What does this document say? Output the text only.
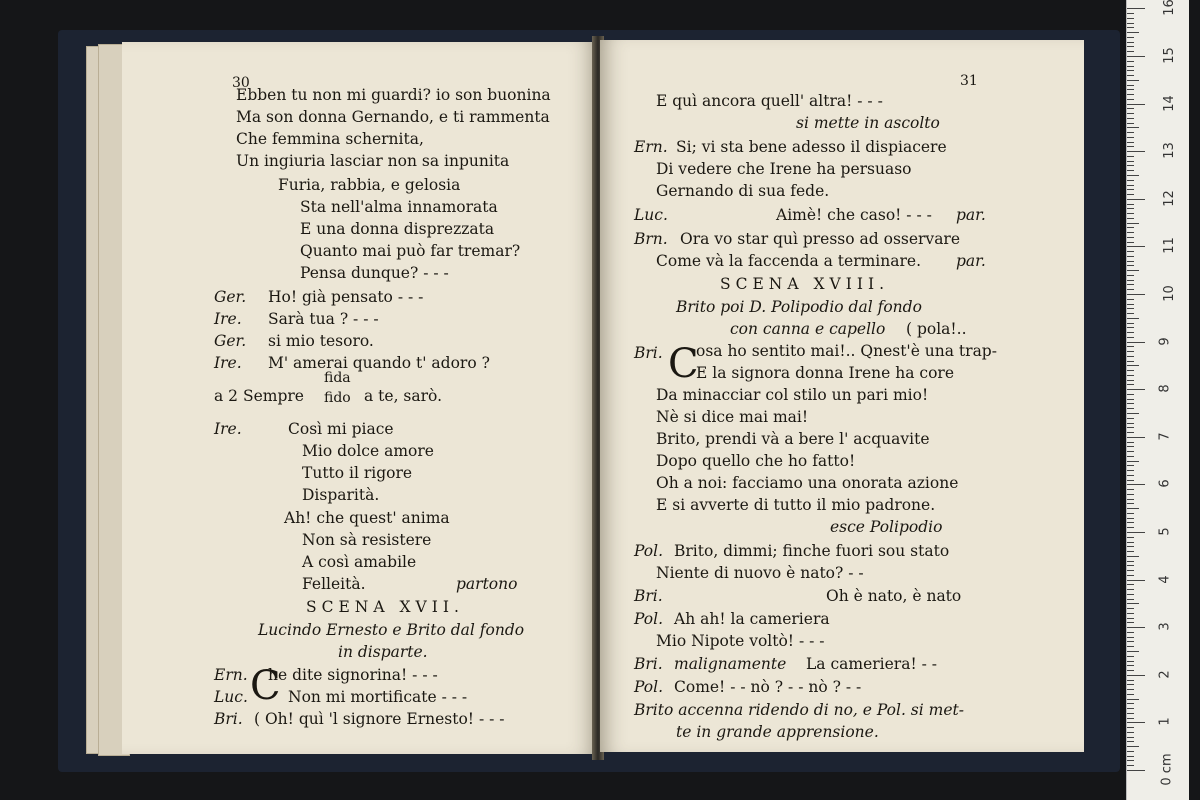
30
Ebben tu non mi guardi? io son buonina
Ma son donna Gernando, e ti rammenta
Che femmina schernita,
Un ingiuria lasciar non sa inpunita
Furia, rabbia, e gelosia
Sta nell'alma innamorata
E una donna disprezzata
Quanto mai può far tremar?
Pensa dunque? - - -
Ger. Ho! già pensato - - -
Ire. Sarà tua ? - - -
Ger. si mio tesoro.
Ire. M' amerai quando t' adoro ?
a 2 Sempre
fida
fido a te, sarò.
Ire.	Così mi piace
Mio dolce amore
Tutto il rigore
Disparità.
Ah! che quest' anima
Non sà resistere
A così amabile
Felleità.	partono
SCENA XVII.
Lucindo Ernesto e Brito dal fondo
in disparte.
Ern. C
he dite signorina! - - -
Luc.	Non mi mortificate - - -
Bri. ( Oh! quì 'l signore Ernesto! - - -
31
E quì ancora quell' altra! - - -
si mette in ascolto
Ern. Si; vi sta bene adesso il dispiacere
Di vedere che Irene ha persuaso
Gernando di sua fede.
Luc.	Aimè! che caso! - - - par.
Brn. Ora vo star quì presso ad osservare
Come và la faccenda a terminare. par.
SCENA XVIII.
Brito poi D. Polipodio dal fondo
con canna e capello ( pola!..
Bri. C
osa ho sentito mai!.. Qnest'è una trap-
E la signora donna Irene ha core
Da minacciar col stilo un pari mio!
Nè si dice mai mai!
Brito, prendi và a bere l' acquavite
Dopo quello che ho fatto!
Oh a noi: facciamo una onorata azione
E si avverte di tutto il mio padrone.
esce Polipodio
Pol. Brito, dimmi; finche fuori sou stato
Niente di nuovo è nato? - -
Bri.	Oh è nato, è nato
Pol. Ah ah! la cameriera
Mio Nipote voltò! - - -
Bri. malignamente La cameriera! - -
Pol. Come! - - nò ? - - nò ? - -
Brito accenna ridendo di no, e Pol. si met-
te in grande apprensione.
0 cm
1
2
3
4
5
6
7
8
9
10
11
12
13
14
15
16
